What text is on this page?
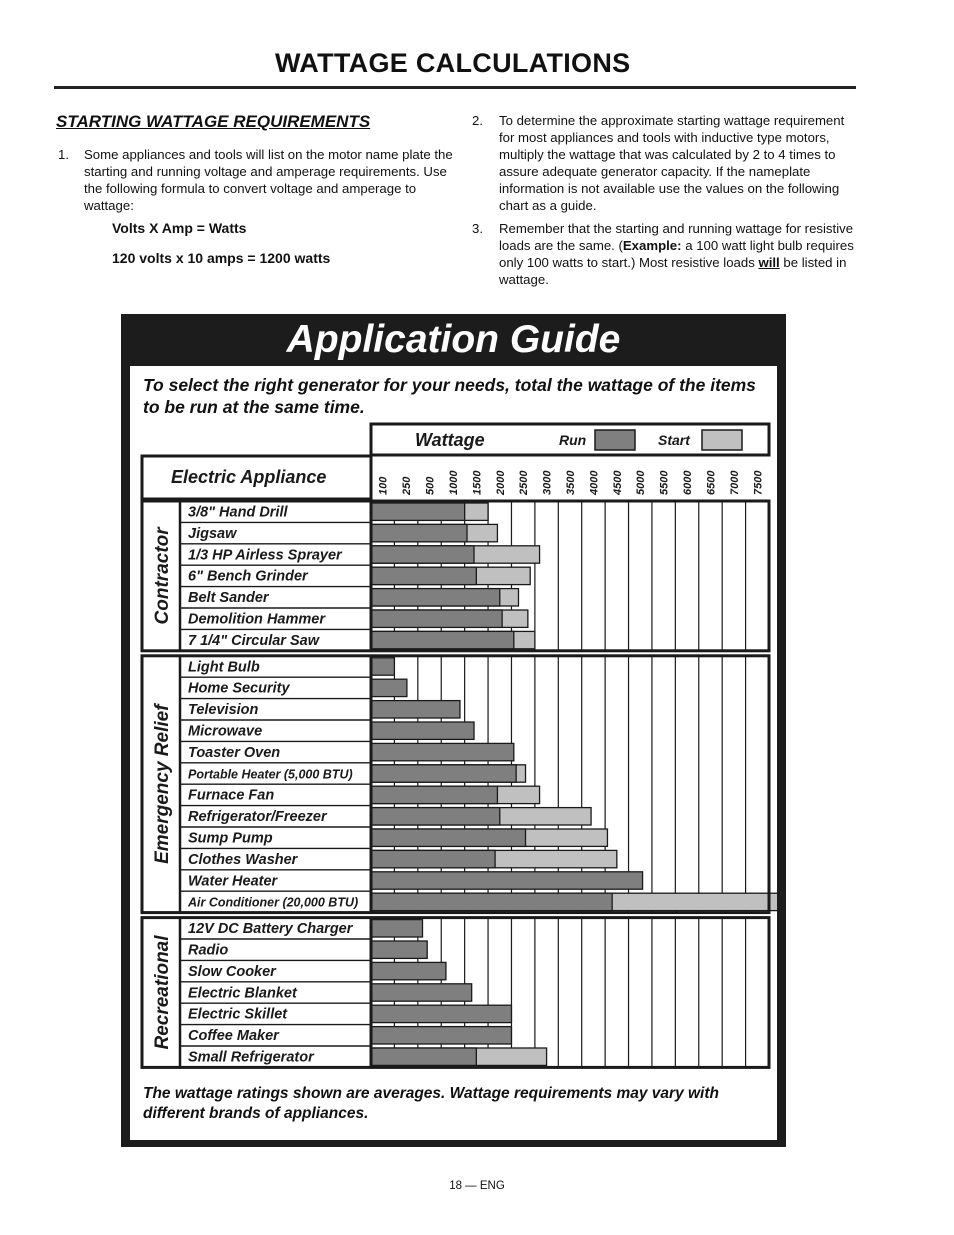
WATTAGE CALCULATIONS
STARTING WATTAGE REQUIREMENTS
1. Some appliances and tools will list on the motor name plate the starting and running voltage and amperage requirements. Use the following formula to convert voltage and amperage to wattage:
Volts X Amp = Watts
120 volts x 10 amps = 1200 watts
2. To determine the approximate starting wattage requirement for most appliances and tools with inductive type motors, multiply the wattage that was calculated by 2 to 4 times to assure adequate generator capacity. If the nameplate information is not available use the values on the following chart as a guide.
3. Remember that the starting and running wattage for resistive loads are the same. (Example: a 100 watt light bulb requires only 100 watts to start.) Most resistive loads will be listed in wattage.
Application Guide
To select the right generator for your needs, total the wattage of the items to be run at the same time.
Wattage	Run	Start
Electric Appliance	100 250 500 1000 1500 2000 2500 3000 3500 4000 4500 5000 5500 6000 6500 7000 7500
3/8" Hand Drill
Jigsaw
1/3 HP Airless Sprayer
6" Bench Grinder
Belt Sander
Demolition Hammer
7 1/4" Circular Saw
Contractor
Light Bulb
Home Security
Television
Microwave
Toaster Oven
Portable Heater (5,000 BTU)
Furnace Fan
Refrigerator/Freezer
Sump Pump
Clothes Washer
Water Heater
Air Conditioner (20,000 BTU)
Emergency Relief
12V DC Battery Charger
Radio
Slow Cooker
Electric Blanket
Electric Skillet
Coffee Maker
Small Refrigerator
Recreational
The wattage ratings shown are averages. Wattage requirements may vary with different brands of appliances.
18 — ENG
